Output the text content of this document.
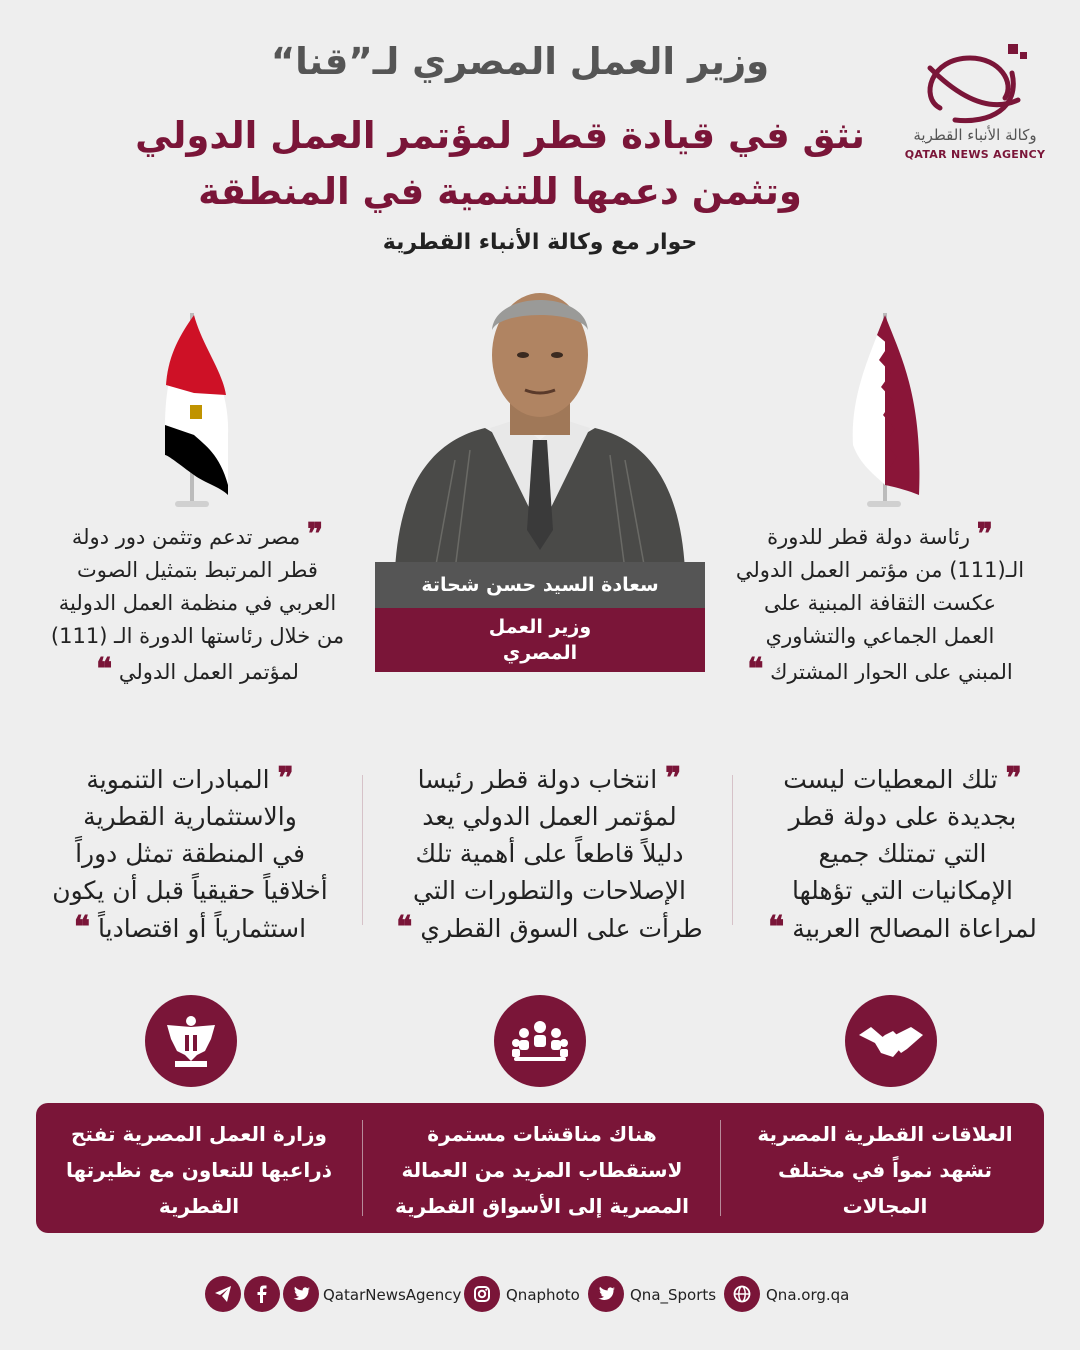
وكالة الأنباء القطرية
QATAR NEWS AGENCY
وزير العمل المصري لـ”قنا“
نثق في قيادة قطر لمؤتمر العمل الدولي
وتثمن دعمها للتنمية في المنطقة
حوار مع وكالة الأنباء القطرية
سعادة السيد حسن شحاتة
وزير العمل
المصري
❞ رئاسة دولة قطر للدورة
الـ(111) من مؤتمر العمل الدولي
عكست الثقافة المبنية على
العمل الجماعي والتشاوري
المبني على الحوار المشترك ❝
❞ مصر تدعم وتثمن دور دولة
قطر المرتبط بتمثيل الصوت
العربي في منظمة العمل الدولية
من خلال رئاستها الدورة الـ (111)
لمؤتمر العمل الدولي ❝
❞ تلك المعطيات ليست
بجديدة على دولة قطر
التي تمتلك جميع
الإمكانيات التي تؤهلها
لمراعاة المصالح العربية ❝
❞ انتخاب دولة قطر رئيسا
لمؤتمر العمل الدولي يعد
دليلاً قاطعاً على أهمية تلك
الإصلاحات والتطورات التي
طرأت على السوق القطري ❝
❞ المبادرات التنموية
والاستثمارية القطرية
في المنطقة تمثل دوراً
أخلاقياً حقيقياً قبل أن يكون
استثمارياً أو اقتصادياً ❝
العلاقات القطرية المصرية
تشهد نمواً في مختلف
المجالات
هناك مناقشات مستمرة
لاستقطاب المزيد من العمالة
المصرية إلى الأسواق القطرية
وزارة العمل المصرية تفتح
ذراعيها للتعاون مع نظيرتها
القطرية
QatarNewsAgency	Qnaphoto	Qna_Sports	Qna.org.qa
